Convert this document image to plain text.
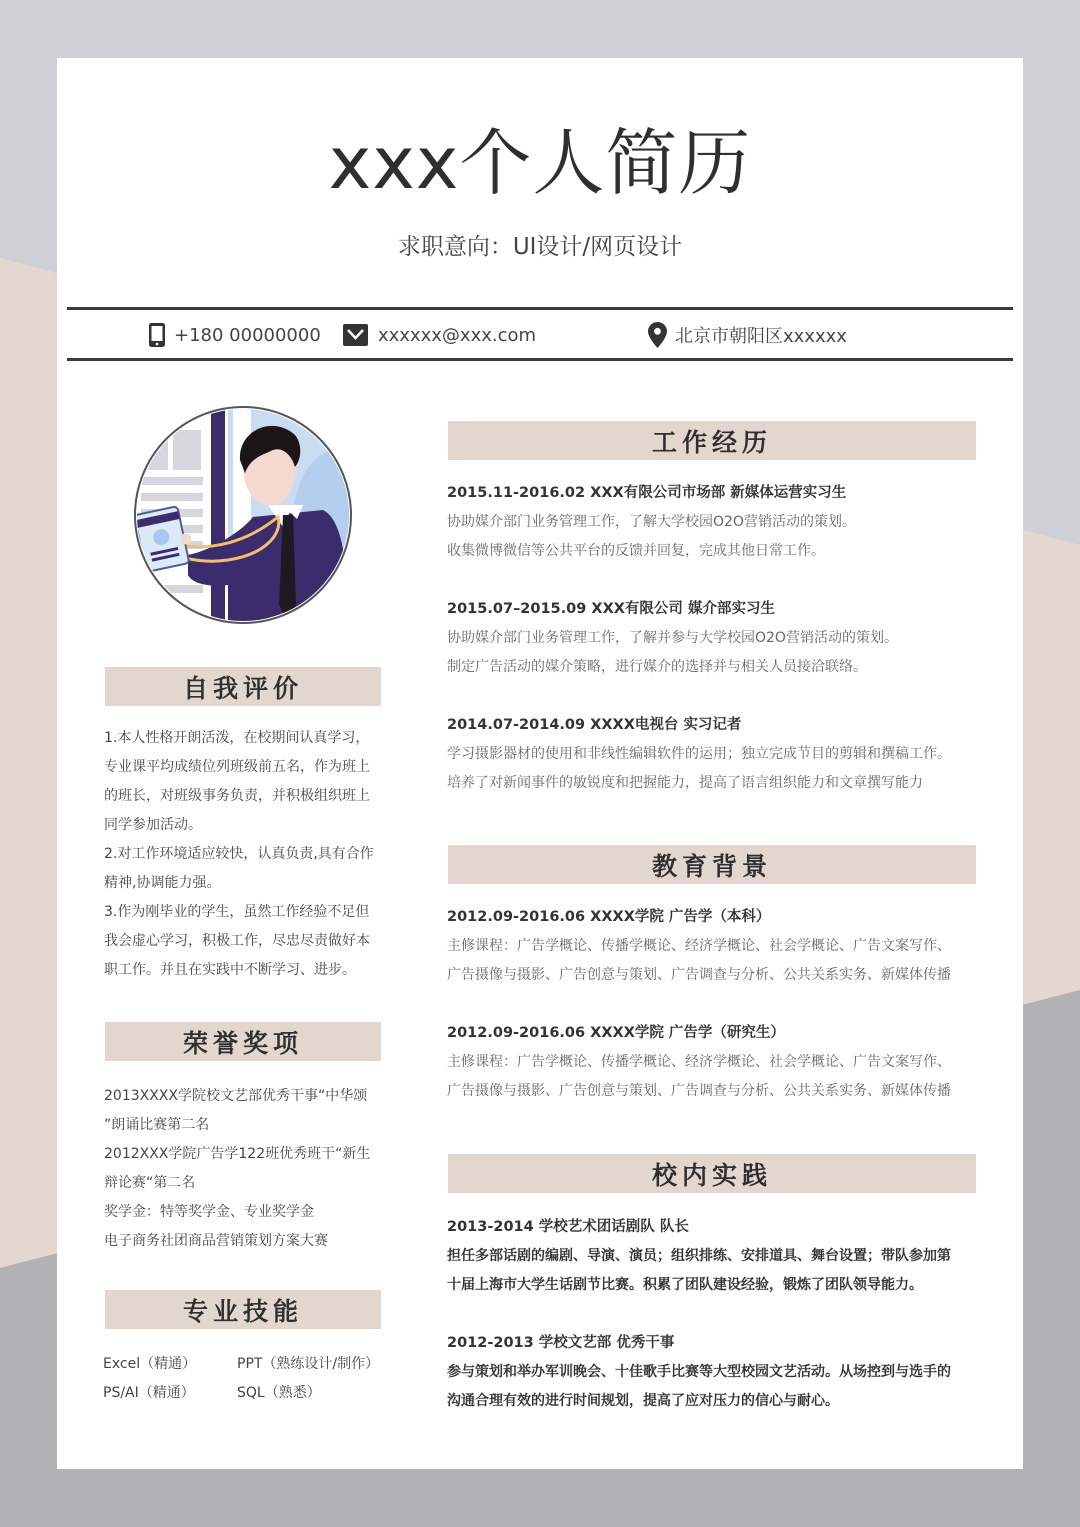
xxx个人简历
求职意向：UI设计/网页设计
+180 00000000	xxxxxx@xxx.com	北京市朝阳区xxxxxx
自我评价
1.本人性格开朗活泼，在校期间认真学习，
专业课平均成绩位列班级前五名，作为班上
的班长，对班级事务负责，并积极组织班上
同学参加活动。
2.对工作环境适应较快，认真负责,具有合作
精神,协调能力强。
3.作为刚毕业的学生，虽然工作经验不足但
我会虚心学习，积极工作，尽忠尽责做好本
职工作。并且在实践中不断学习、进步。
荣誉奖项
2013XXXX学院校文艺部优秀干事“中华颂
”朗诵比赛第二名
2012XXX学院广告学122班优秀班干“新生
辩论赛“第二名
奖学金：特等奖学金、专业奖学金
电子商务社团商品营销策划方案大赛
专业技能
Excel（精通）	PPT（熟练设计/制作）
PS/AI（精通）	SQL（熟悉）
工作经历
2015.11-2016.02 XXX有限公司市场部 新媒体运营实习生
协助媒介部门业务管理工作，了解大学校园O2O营销活动的策划。
收集微博微信等公共平台的反馈并回复，完成其他日常工作。
2015.07–2015.09 XXX有限公司 媒介部实习生
协助媒介部门业务管理工作，了解并参与大学校园O2O营销活动的策划。
制定广告活动的媒介策略，进行媒介的选择并与相关人员接洽联络。
2014.07-2014.09 XXXX电视台 实习记者
学习摄影器材的使用和非线性编辑软件的运用；独立完成节目的剪辑和撰稿工作。
培养了对新闻事件的敏锐度和把握能力，提高了语言组织能力和文章撰写能力
教育背景
2012.09-2016.06 XXXX学院 广告学（本科）
主修课程：广告学概论、传播学概论、经济学概论、社会学概论、广告文案写作、
广告摄像与摄影、广告创意与策划、广告调查与分析、公共关系实务、新媒体传播
2012.09-2016.06 XXXX学院 广告学（研究生）
主修课程：广告学概论、传播学概论、经济学概论、社会学概论、广告文案写作、
广告摄像与摄影、广告创意与策划、广告调查与分析、公共关系实务、新媒体传播
校内实践
2013-2014 学校艺术团话剧队 队长
担任多部话剧的编剧、导演、演员；组织排练、安排道具、舞台设置；带队参加第
十届上海市大学生话剧节比赛。积累了团队建设经验，锻炼了团队领导能力。
2012-2013 学校文艺部 优秀干事
参与策划和举办军训晚会、十佳歌手比赛等大型校园文艺活动。从场控到与选手的
沟通合理有效的进行时间规划，提高了应对压力的信心与耐心。
